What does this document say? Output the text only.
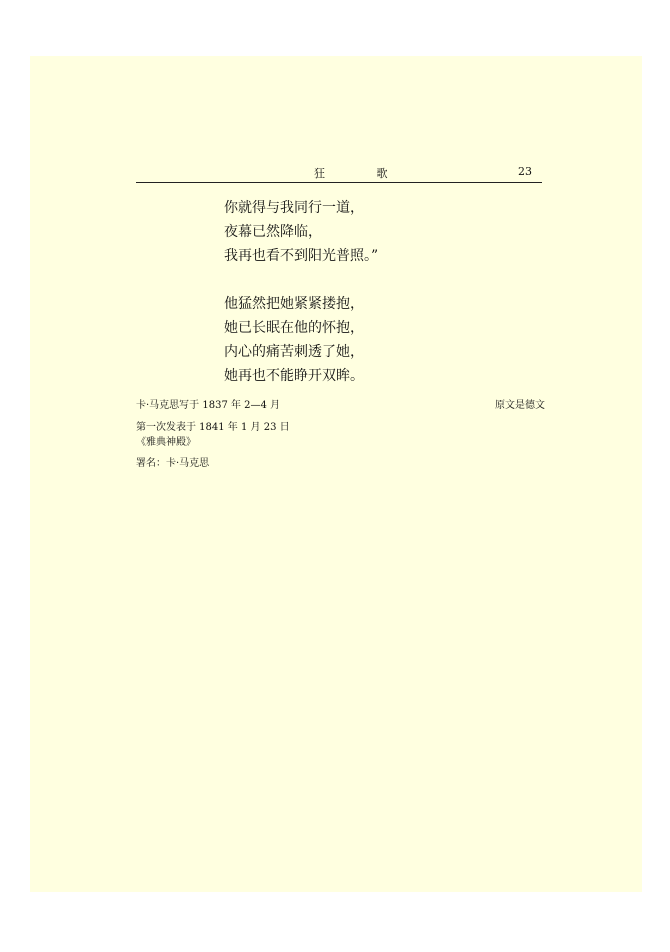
狂 歌	23
你就得与我同行一道，
夜幕已然降临，
我再也看不到阳光普照。”
他猛然把她紧紧搂抱，
她已长眠在他的怀抱，
内心的痛苦刺透了她，
她再也不能睁开双眸。
卡·马克思写于 1837 年 2—4 月	原文是德文
第一次发表于 1841 年 1 月 23 日
《雅典神殿》
署名：卡·马克思
